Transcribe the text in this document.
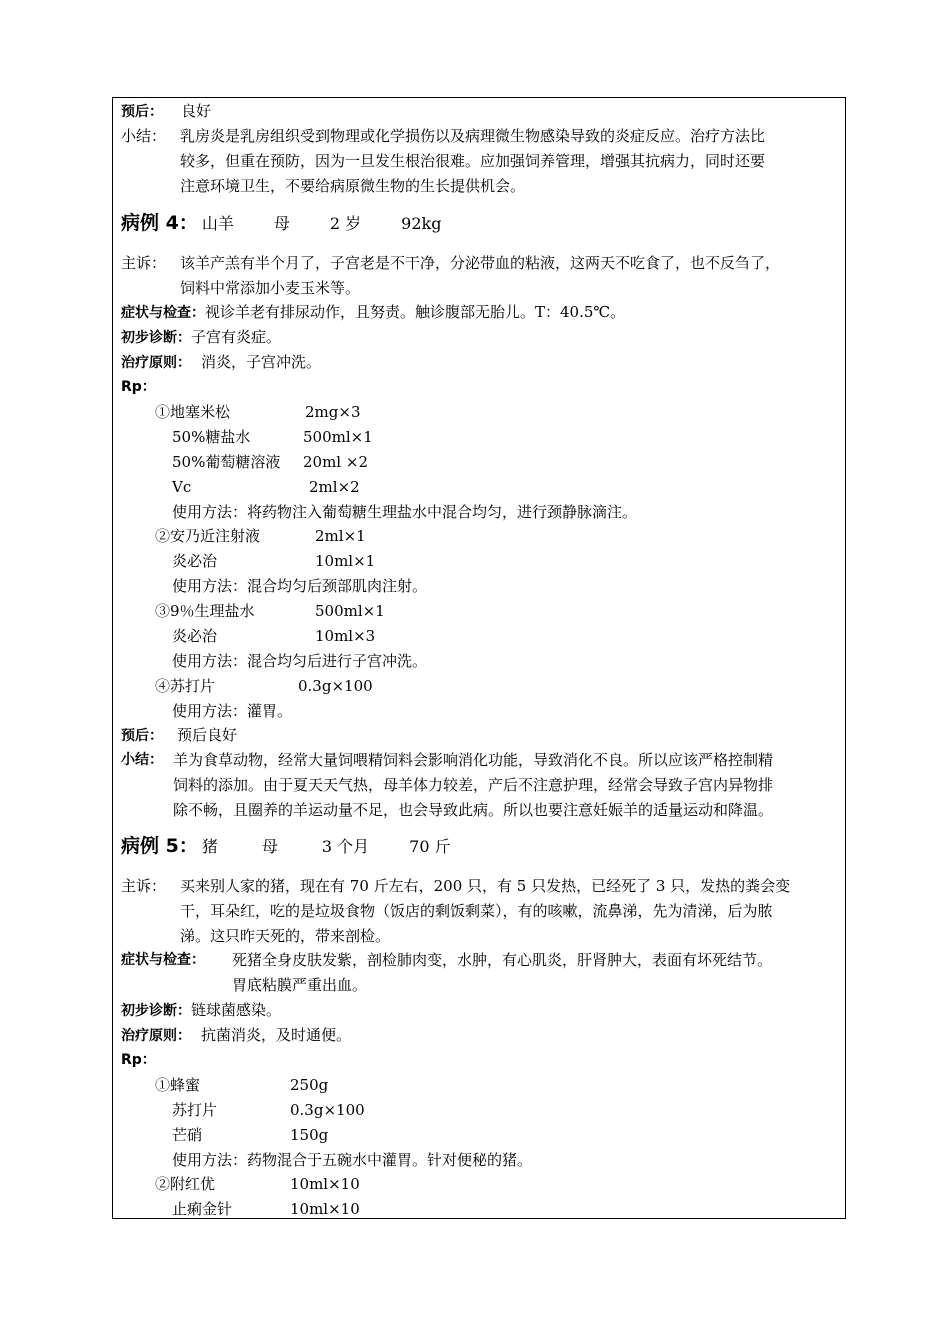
预后： 良好
小结： 乳房炎是乳房组织受到物理或化学损伤以及病理微生物感染导致的炎症反应。治疗方法比
较多，但重在预防，因为一旦发生根治很难。应加强饲养管理，增强其抗病力，同时还要
注意环境卫生，不要给病原微生物的生长提供机会。
病例 4： 山羊	母	2 岁	92kg
主诉： 该羊产羔有半个月了，子宫老是不干净，分泌带血的粘液，这两天不吃食了，也不反刍了，
饲料中常添加小麦玉米等。
症状与检查：视诊羊老有排尿动作，且努责。触诊腹部无胎儿。T：40.5℃。
初步诊断：子宫有炎症。
治疗原则： 消炎，子宫冲洗。
Rp：
①地塞米松	2mg×3
50%糖盐水	500ml×1
50%葡萄糖溶液 20ml ×2
Vc	2ml×2
使用方法：将药物注入葡萄糖生理盐水中混合均匀，进行颈静脉滴注。
②安乃近注射液	2ml×1
炎必治	10ml×1
使用方法：混合均匀后颈部肌肉注射。
③9％生理盐水	500ml×1
炎必治	10ml×3
使用方法：混合均匀后进行子宫冲洗。
④苏打片	0.3g×100
使用方法：灌胃。
预后： 预后良好
小结： 羊为食草动物，经常大量饲喂精饲料会影响消化功能，导致消化不良。所以应该严格控制精
饲料的添加。由于夏天天气热，母羊体力较差，产后不注意护理，经常会导致子宫内异物排
除不畅，且圈养的羊运动量不足，也会导致此病。所以也要注意妊娠羊的适量运动和降温。
病例 5： 猪	母	3 个月	70 斤
主诉： 买来别人家的猪，现在有 70 斤左右，200 只，有 5 只发热，已经死了 3 只，发热的粪会变
干，耳朵红，吃的是垃圾食物（饭店的剩饭剩菜），有的咳嗽，流鼻涕，先为清涕，后为脓
涕。这只昨天死的，带来剖检。
症状与检查： 死猪全身皮肤发紫，剖检肺肉变，水肿，有心肌炎，肝肾肿大，表面有坏死结节。
胃底粘膜严重出血。
初步诊断：链球菌感染。
治疗原则： 抗菌消炎，及时通便。
Rp：
①蜂蜜	250g
苏打片	0.3g×100
芒硝	150g
使用方法：药物混合于五碗水中灌胃。针对便秘的猪。
②附红优	10ml×10
止痢金针	10ml×10
